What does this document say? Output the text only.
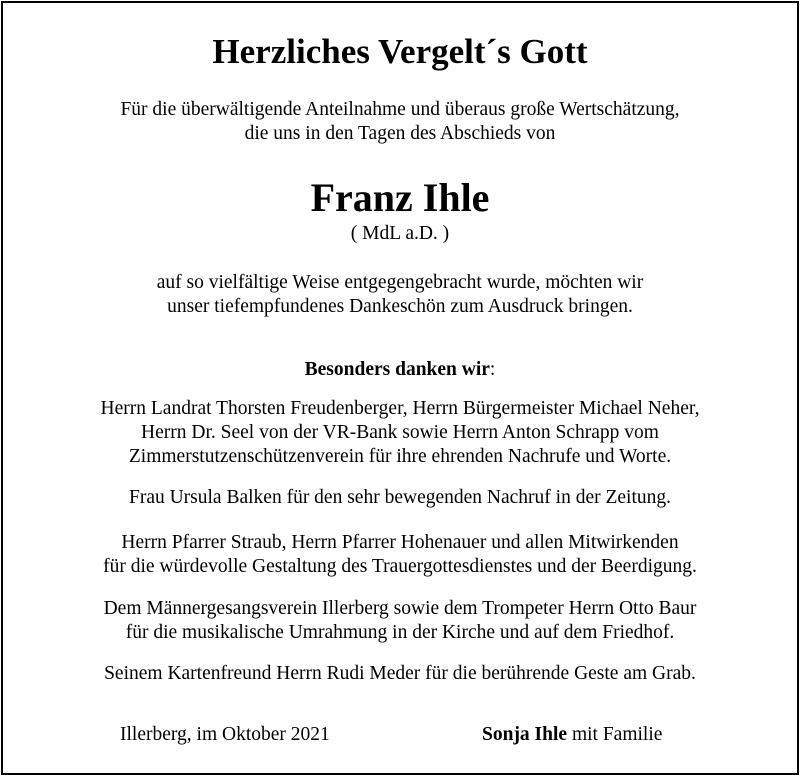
Herzliches Vergelt´s Gott
Für die überwältigende Anteilnahme und überaus große Wertschätzung,
die uns in den Tagen des Abschieds von
Franz Ihle
( MdL a.D. )
auf so vielfältige Weise entgegengebracht wurde, möchten wir
unser tiefempfundenes Dankeschön zum Ausdruck bringen.
Besonders danken wir:
Herrn Landrat Thorsten Freudenberger, Herrn Bürgermeister Michael Neher,
Herrn Dr. Seel von der VR-Bank sowie Herrn Anton Schrapp vom
Zimmerstutzenschützenverein für ihre ehrenden Nachrufe und Worte.
Frau Ursula Balken für den sehr bewegenden Nachruf in der Zeitung.
Herrn Pfarrer Straub, Herrn Pfarrer Hohenauer und allen Mitwirkenden
für die würdevolle Gestaltung des Trauergottesdienstes und der Beerdigung.
Dem Männergesangsverein Illerberg sowie dem Trompeter Herrn Otto Baur
für die musikalische Umrahmung in der Kirche und auf dem Friedhof.
Seinem Kartenfreund Herrn Rudi Meder für die berührende Geste am Grab.
Illerberg, im Oktober 2021	Sonja Ihle mit Familie
